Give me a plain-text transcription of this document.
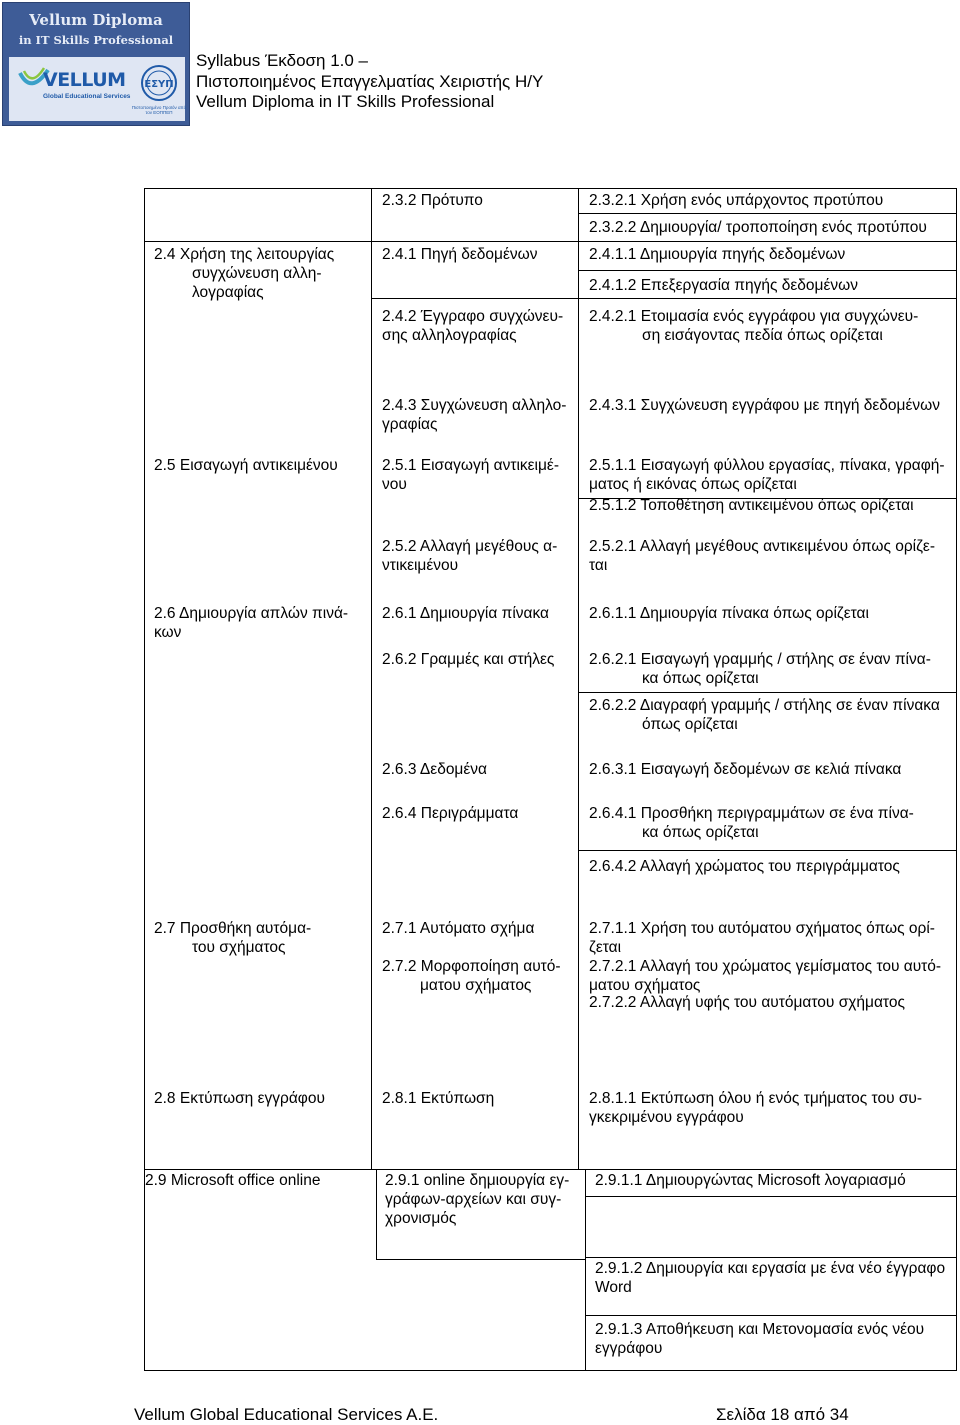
Vellum Diploma
in IT Skills Professional
VELLUM
Global Educational Services
ΕΣΥΠ
Πιστοποιημένο Προϊόν από τον ΕΟΠΠΕΠ
Syllabus Έκδοση 1.0 –
Πιστοποιημένος Επαγγελματίας Χειριστής Η/Υ
Vellum Diploma in IT Skills Professional
2.4 Χρήση της λειτουργίας
συγχώνευση αλλη-
λογραφίας
2.5 Εισαγωγή αντικειμένου
2.6 Δημιουργία απλών πινά-
κων
2.7 Προσθήκη αυτόμα-
του σχήματος
2.8 Εκτύπωση εγγράφου
2.9 Microsoft office online
2.3.2 Πρότυπο
2.4.1 Πηγή δεδομένων
2.4.2 Έγγραφο συγχώνευ-
σης αλληλογραφίας
2.4.3 Συγχώνευση αλληλο-
γραφίας
2.5.1 Εισαγωγή αντικειμέ-
νου
2.5.2 Αλλαγή μεγέθους α-
ντικειμένου
2.6.1 Δημιουργία πίνακα
2.6.2 Γραμμές και στήλες
2.6.3 Δεδομένα
2.6.4 Περιγράμματα
2.7.1 Αυτόματο σχήμα
2.7.2 Μορφοποίηση αυτό-
ματου σχήματος
2.8.1 Εκτύπωση
2.9.1 online δημιουργία εγ-
γράφων-αρχείων και συγ-
χρονισμός
2.3.2.1 Χρήση ενός υπάρχοντος προτύπου
2.3.2.2 Δημιουργία/ τροποποίηση ενός προτύπου
2.4.1.1 Δημιουργία πηγής δεδομένων
2.4.1.2 Επεξεργασία πηγής δεδομένων
2.4.2.1 Ετοιμασία ενός εγγράφου για συγχώνευ-
ση εισάγοντας πεδία όπως ορίζεται
2.4.3.1 Συγχώνευση εγγράφου με πηγή δεδομένων
2.5.1.1 Εισαγωγή φύλλου εργασίας, πίνακα, γραφή-
ματος ή εικόνας όπως ορίζεται
2.5.1.2 Τοποθέτηση αντικειμένου όπως ορίζεται
2.5.2.1 Αλλαγή μεγέθους αντικειμένου όπως ορίζε-
ται
2.6.1.1 Δημιουργία πίνακα όπως ορίζεται
2.6.2.1 Εισαγωγή γραμμής / στήλης σε έναν πίνα-
κα όπως ορίζεται
2.6.2.2 Διαγραφή γραμμής / στήλης σε έναν πίνακα
όπως ορίζεται
2.6.3.1 Εισαγωγή δεδομένων σε κελιά πίνακα
2.6.4.1 Προσθήκη περιγραμμάτων σε ένα πίνα-
κα όπως ορίζεται
2.6.4.2 Αλλαγή χρώματος του περιγράμματος
2.7.1.1 Χρήση του αυτόματου σχήματος όπως ορί-
ζεται
2.7.2.1 Αλλαγή του χρώματος γεμίσματος του αυτό-
ματου σχήματος
2.7.2.2 Αλλαγή υφής του αυτόματου σχήματος
2.8.1.1 Εκτύπωση όλου ή ενός τμήματος του συ-
γκεκριμένου εγγράφου
2.9.1.1 Δημιουργώντας Microsoft λογαριασμό
2.9.1.2 Δημιουργία και εργασία με ένα νέο έγγραφο
Word
2.9.1.3 Αποθήκευση και Μετονομασία ενός νέου
εγγράφου
Vellum Global Educational Services A.E.	Σελίδα 18 από 34
